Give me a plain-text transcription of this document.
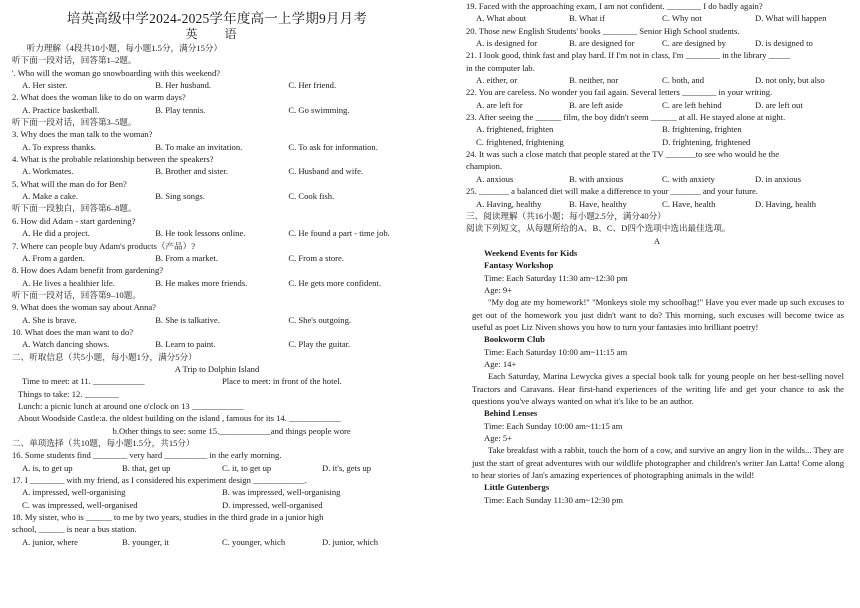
培英高级中学2024-2025学年度高一上学期9月月考
英 语
　听力理解（4段共10小题，每小题1.5分，满分15分）
听下面一段对话，回答第1–2题。
'. Who will the woman go snowboarding with this weekend?
A. Her sister.	B. Her husband.	C. Her friend.
2. What does the woman like to do on warm days?
A. Practice basketball.	B. Play tennis.	C. Go swimming.
听下面一段对话，回答第3–5题。
3. Why does the man talk to the woman?
A. To express thanks.	B. To make an invitation.	C. To ask for information.
4. What is the probable relationship between the speakers?
A. Workmates.	B. Brother and sister.	C. Husband and wife.
5. What will the man do for Ben?
A. Make a cake.	B. Sing songs.	C. Cook fish.
听下面一段独白，回答第6–8题。
6. How did Adam - start gardening?
A. He did a project.	B. He took lessons online.	C. He found a part - time job.
7. Where can people buy Adam's products（产品）?
A. From a garden.	B. From a market.	C. From a store.
8. How does Adam benefit from gardening?
A. He lives a healthier life.	B. He makes more friends.	C. He gets more confident.
听下面一段对话，回答第9–10题。
9. What does the woman say about Anna?
A. She is brave.	B. She is talkative.	C. She's outgoing.
10. What does the man want to do?
A. Watch dancing shows.	B. Learn to paint.	C. Play the guitar.
二、听取信息（共5小题，每小题1分，满分5分）
A Trip to Dolphin Island
Time to meet: at 11. ____________	Place to meet: in front of the hotel.
Things to take: 12. ________
Lunch: a picnic lunch at around one o'clock on 13 ____________
About Woodside Castle:a. the oldest building on the island , famous for its 14. ____________
　　　　　　　　　　　b.Other things to see: some 15.____________and things people wore
二、单项选择（共10题，每小题1.5分，共15分）
16. Some students find ________ very hard __________ in the early morning.
A. is, to get up	B. that, get up	C. it, to get up	D. it's, gets up
17. I ________ with my friend, as I considered his experiment design ____________.
A. impressed, well-organising	B. was impressed, well-organising
C. was impressed, well-organised	D. impressed, well-organised
18. My sister, who is ______ to me by two years, studies in the third grade in a junior high
school, ______ is near a bus station.
A. junior, where	B. younger, it	C. younger, which	D. junior, which
19. Faced with the approaching exam, I am not confident. ________ I do badly again?
A. What about	B. What if	C. Why not	D. What will happen
20. Those new English Students' books ________ Senior High School students.
A. is designed for	B. are designed for	C. are designed by	D. is designed to
21. I look good, think fast and play hard. If I'm not in class, I'm ________ in the library _____
in the computer lab.
A. either, or	B. neither, nor	C. both, and	D. not only, but also
22. You are careless. No wonder you fail again. Several letters ________ in your writing.
A. are left for	B. are left aside	C. are left behind	D. are left out
23. After seeing the ______ film, the boy didn't seem ______ at all. He stayed alone at night.
A. frightened, frighten	B. frightening, frighten
C. frightened, frightening	D. frightening, frightened
24. It was such a close match that people stared at the TV _______to see who would be the
champion.
A. anxious	B. with anxious	C. with anxiety	D. in anxious
25. _______ a balanced diet will make a difference to your _______ and your future.
A. Having, healthy	B. Have, healthy	C. Have, health	D. Having, health
三、阅读理解（共16小题；每小题2.5分，满分40分）
阅读下列短文，从每题所给的A、B、C、D四个选项中选出最佳选项。
A
Weekend Events for Kids
Fantasy Workshop
Time: Each Saturday 11:30 am~12:30 pm
Age: 9+
"My dog ate my homework!" "Monkeys stole my schoolbag!" Have you ever made up such excuses to get out of the homework you just didn't want to do? This morning, such excuses will become twice as useful as poet Liz Niven shows you how to turn your fantasies into brilliant poetry!
Bookworm Club
Time: Each Saturday 10:00 am~11:15 am
Age: 14+
Each Saturday, Marina Lewycka gives a special book talk for young people on her best-selling novel Tractors and Caravans. Hear first-hand experiences of the writing life and get your chance to ask the questions you've always wanted on what it's like to be an author.
Behind Lenses
Time: Each Sunday 10:00 am~11:15 am
Age: 5+
Take breakfast with a rabbit, touch the horn of a cow, and survive an angry lion in the wilds... They are just the start of great adventures with our wildlife photographer and children's writer Jan Latta! Come along to hear stories of Jan's amazing experiences of photographing animals in the wild!
Little Gutenbergs
Time: Each Sunday 11:30 am~12:30 pm
